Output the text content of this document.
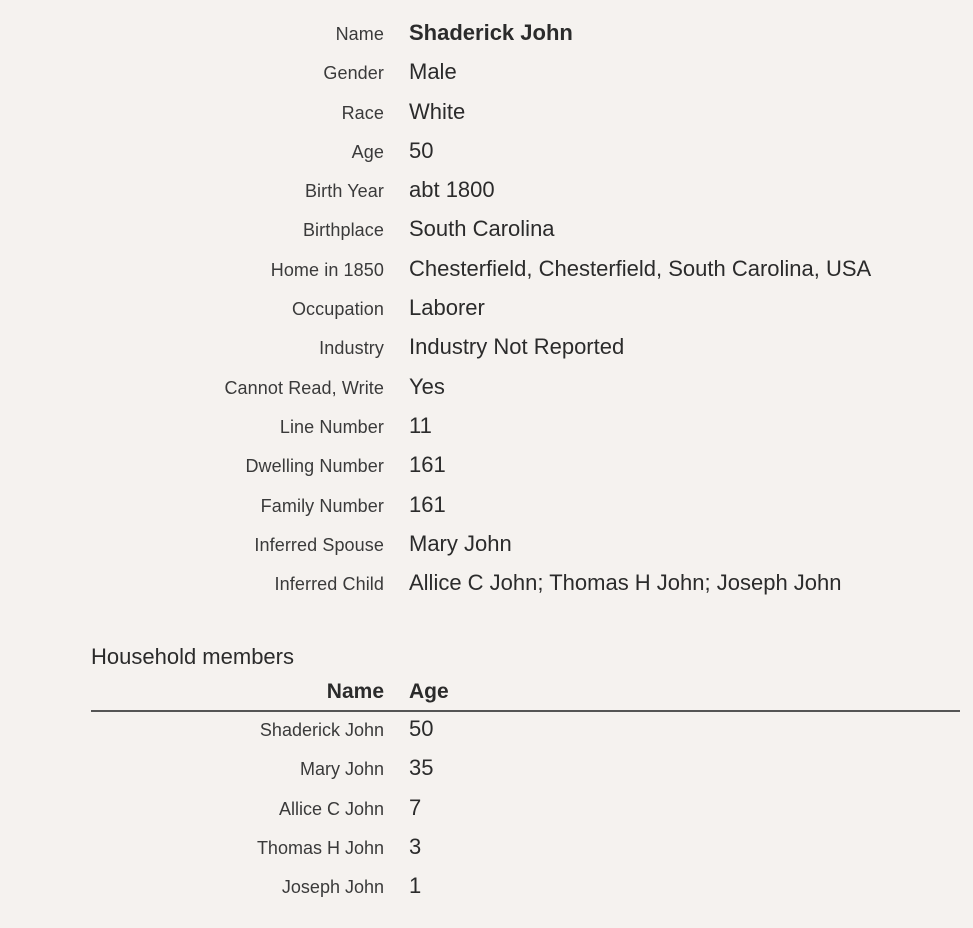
Name	Shaderick John
Gender	Male
Race	White
Age	50
Birth Year	abt 1800
Birthplace	South Carolina
Home in 1850	Chesterfield, Chesterfield, South Carolina, USA
Occupation	Laborer
Industry	Industry Not Reported
Cannot Read, Write	Yes
Line Number	11
Dwelling Number	161
Family Number	161
Inferred Spouse	Mary John
Inferred Child	Allice C John; Thomas H John; Joseph John
Household members
Name	Age
Shaderick John	50
Mary John	35
Allice C John	7
Thomas H John	3
Joseph John	1
